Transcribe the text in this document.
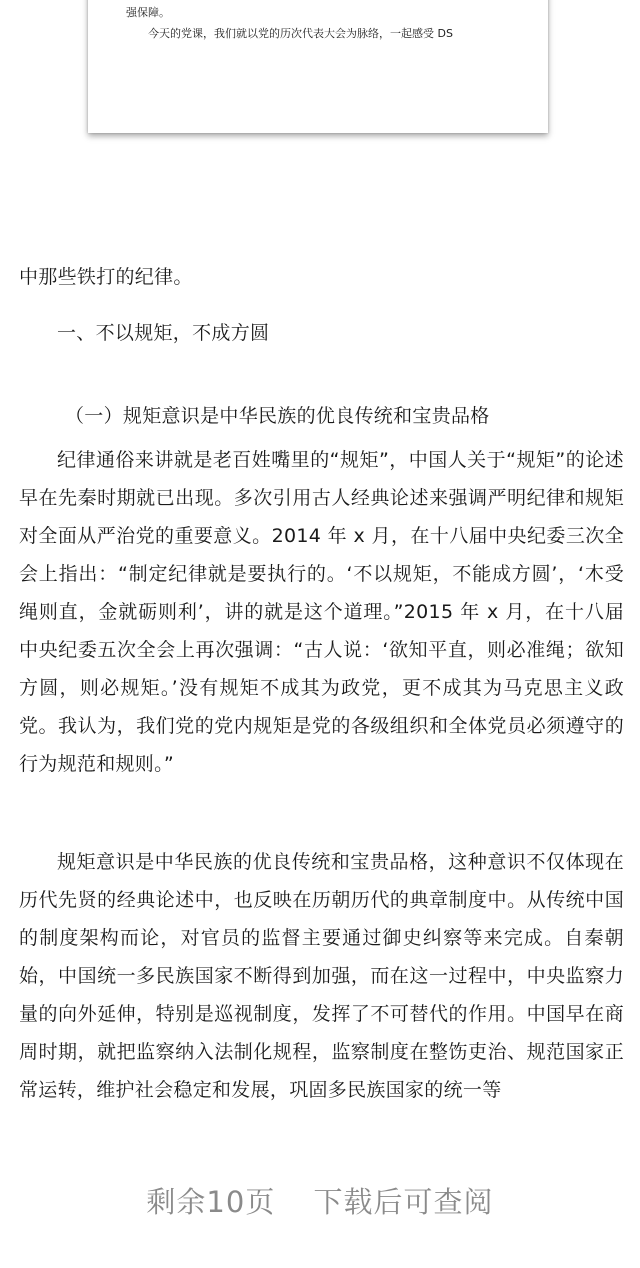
强保障。
今天的党课，我们就以党的历次代表大会为脉络，一起感受 DS
中那些铁打的纪律。
一、不以规矩，不成方圆
（一）规矩意识是中华民族的优良传统和宝贵品格
纪律通俗来讲就是老百姓嘴里的“规矩”，中国人关于“规矩”的论述早在先秦时期就已出现。多次引用古人经典论述来强调严明纪律和规矩对全面从严治党的重要意义。2014 年 x 月，在十八届中央纪委三次全会上指出：“制定纪律就是要执行的。‘不以规矩，不能成方圆’，‘木受绳则直，金就砺则利’，讲的就是这个道理。”2015 年 x 月，在十八届中央纪委五次全会上再次强调：“古人说：‘欲知平直，则必准绳；欲知方圆，则必规矩。’没有规矩不成其为政党，更不成其为马克思主义政党。我认为，我们党的党内规矩是党的各级组织和全体党员必须遵守的行为规范和规则。”
规矩意识是中华民族的优良传统和宝贵品格，这种意识不仅体现在历代先贤的经典论述中，也反映在历朝历代的典章制度中。从传统中国的制度架构而论，对官员的监督主要通过御史纠察等来完成。自秦朝始，中国统一多民族国家不断得到加强，而在这一过程中，中央监察力量的向外延伸，特别是巡视制度，发挥了不可替代的作用。中国早在商周时期，就把监察纳入法制化规程，监察制度在整饬吏治、规范国家正常运转，维护社会稳定和发展，巩固多民族国家的统一等
剩余10页 下载后可查阅
